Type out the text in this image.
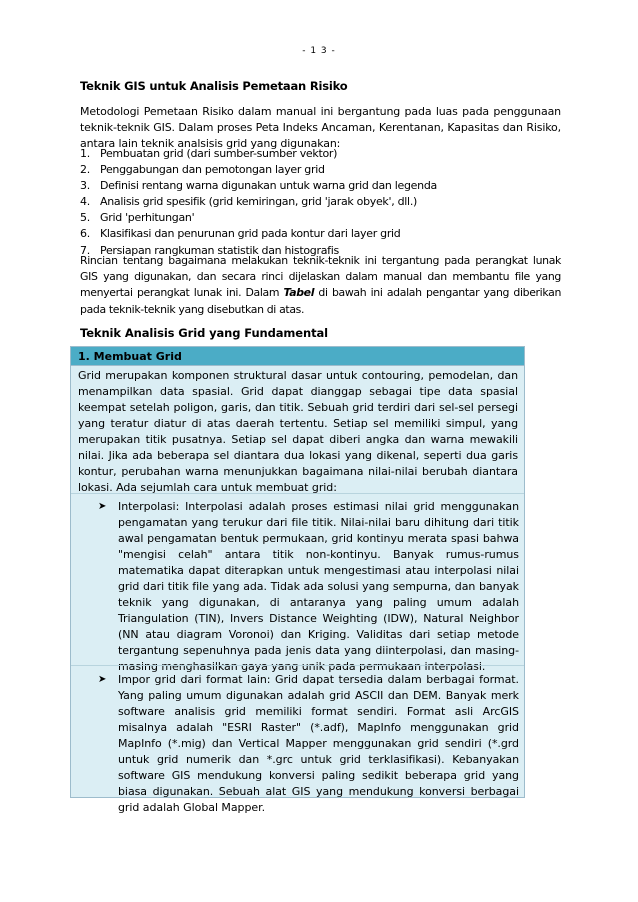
- 1 3 -
Teknik GIS untuk Analisis Pemetaan Risiko

Metodologi Pemetaan Risiko dalam manual ini bergantung pada luas pada penggunaan teknik-teknik GIS. Dalam proses Peta Indeks Ancaman, Kerentanan, Kapasitas dan Risiko, antara lain teknik analsisis grid yang digunakan:

1. Pembuatan grid (dari sumber-sumber vektor)
2. Penggabungan dan pemotongan layer grid
3. Definisi rentang warna digunakan untuk warna grid dan legenda
4. Analisis grid spesifik (grid kemiringan, grid 'jarak obyek', dll.)
5. Grid 'perhitungan'
6. Klasifikasi dan penurunan grid pada kontur dari layer grid
7. Persiapan rangkuman statistik dan histografis

Rincian tentang bagaimana melakukan teknik-teknik ini tergantung pada perangkat lunak GIS yang digunakan, dan secara rinci dijelaskan dalam manual dan membantu file yang menyertai perangkat lunak ini. Dalam Tabel di bawah ini adalah pengantar yang diberikan pada teknik-teknik yang disebutkan di atas.

Teknik Analisis Grid yang Fundamental
1. Membuat Grid

Grid merupakan komponen struktural dasar untuk contouring, pemodelan, dan menampilkan data spasial. Grid dapat dianggap sebagai tipe data spasial keempat setelah poligon, garis, dan titik. Sebuah grid terdiri dari sel-sel persegi yang teratur diatur di atas daerah tertentu. Setiap sel memiliki simpul, yang merupakan titik pusatnya. Setiap sel dapat diberi angka dan warna mewakili nilai. Jika ada beberapa sel diantara dua lokasi yang dikenal, seperti dua garis kontur, perubahan warna menunjukkan bagaimana nilai-nilai berubah diantara lokasi. Ada sejumlah cara untuk membuat grid:

➤ Interpolasi: Interpolasi adalah proses estimasi nilai grid menggunakan pengamatan yang terukur dari file titik. Nilai-nilai baru dihitung dari titik awal pengamatan bentuk permukaan, grid kontinyu merata spasi bahwa "mengisi celah" antara titik non-kontinyu. Banyak rumus-rumus matematika dapat diterapkan untuk mengestimasi atau interpolasi nilai grid dari titik file yang ada. Tidak ada solusi yang sempurna, dan banyak teknik yang digunakan, di antaranya yang paling umum adalah Triangulation (TIN), Invers Distance Weighting (IDW), Natural Neighbor (NN atau diagram Voronoi) dan Kriging. Validitas dari setiap metode tergantung sepenuhnya pada jenis data yang diinterpolasi, dan masing-masing menghasilkan gaya yang unik pada permukaan interpolasi.

➤ Impor grid dari format lain: Grid dapat tersedia dalam berbagai format. Yang paling umum digunakan adalah grid ASCII dan DEM. Banyak merk software analisis grid memiliki format sendiri. Format asli ArcGIS misalnya adalah "ESRI Raster" (*.adf), MapInfo menggunakan grid MapInfo (*.mig) dan Vertical Mapper menggunakan grid sendiri (*.grd untuk grid numerik dan *.grc untuk grid terklasifikasi). Kebanyakan software GIS mendukung konversi paling sedikit beberapa grid yang biasa digunakan. Sebuah alat GIS yang mendukung konversi berbagai grid adalah Global Mapper.
